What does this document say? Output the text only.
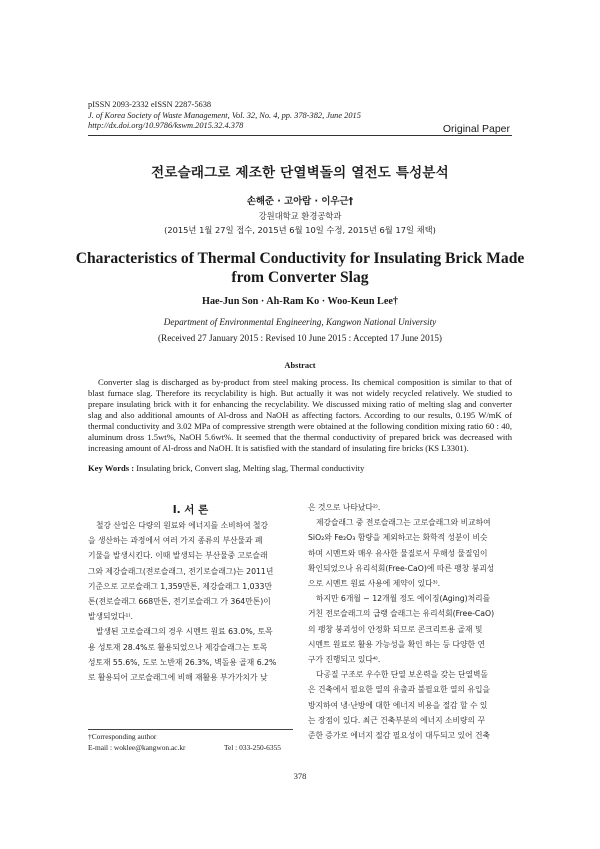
pISSN 2093-2332 eISSN 2287-5638
J. of Korea Society of Waste Management, Vol. 32, No. 4, pp. 378-382, June 2015
http://dx.doi.org/10.9786/kswm.2015.32.4.378	Original Paper
전로슬래그로 제조한 단열벽돌의 열전도 특성분석
손해준 · 고아람 · 이우근†
강원대학교 환경공학과
(2015년 1월 27일 접수, 2015년 6월 10일 수정, 2015년 6월 17일 채택)
Characteristics of Thermal Conductivity for Insulating Brick Made
from Converter Slag
Hae-Jun Son · Ah-Ram Ko · Woo-Keun Lee†
Department of Environmental Engineering, Kangwon National University
(Received 27 January 2015 : Revised 10 June 2015 : Accepted 17 June 2015)
Abstract

Converter slag is discharged as by-product from steel making process. Its chemical composition is similar to that of blast furnace slag. Therefore its recyclability is high. But actually it was not widely recycled relatively. We studied to prepare insulating brick with it for enhancing the recyclability. We discussed mixing ratio of melting slag and converter slag and also additional amounts of Al-dross and NaOH as affecting factors. According to our results, 0.195 W/mK of thermal conductivity and 3.02 MPa of compressive strength were obtained at the following condition mixing ratio 60 : 40, aluminum dross 1.5wt%, NaOH 5.6wt%. It seemed that the thermal conductivity of prepared brick was decreased with increasing amount of Al-dross and NaOH. It is satisfied with the standard of insulating fire bricks (KS L3301).

Key Words : Insulating brick, Convert slag, Melting slag, Thermal conductivity
I. 서 론
철강 산업은 다량의 원료와 에너지를 소비하여 철강
을 생산하는 과정에서 여러 가지 종류의 부산물과 폐
기물을 발생시킨다. 이때 발생되는 부산물중 고로슬래
그와 제강슬래그(전로슬래그, 전기로슬래그)는 2011년
기준으로 고로슬래그 1,359만톤, 제강슬래그 1,033만
톤(전로슬래그 668만톤, 전기로슬래그 가 364만톤)이
발생되었다¹⁾.
발생된 고로슬래그의 경우 시멘트 원료 63.0%, 토목
용 성토재 28.4%로 활용되었으나 제강슬래그는 토목
성토재 55.6%, 도로 노반재 26.3%, 벽돌용 골재 6.2%
로 활용되어 고로슬래그에 비해 재활용 부가가치가 낮
은 것으로 나타났다²⁾.
제강슬래그 중 전로슬래그는 고로슬래그와 비교하여
SiO₂와 Fe₂O₃ 함량을 제외하고는 화학적 성분이 비슷
하며 시멘트와 매우 유사한 물질로서 무해성 물질임이
확인되었으나 유리석회(Free-CaO)에 따른 팽창 붕괴성
으로 시멘트 원료 사용에 제약이 있다³⁾.
하지만 6개월 ~ 12개월 정도 에이징(Aging)처리를
거친 전로슬래그의 급랭 슬래그는 유리석회(Free-CaO)
의 팽창 붕괴성이 안정화 되므로 콘크리트용 골재 및
시멘트 원료로 활용 가능성을 확인 하는 등 다양한 연
구가 진행되고 있다⁴⁾.
다공질 구조로 우수한 단열 보온력을 갖는 단열벽돌
은 건축에서 필요한 열의 유출과 불필요한 열의 유입을
방지하여 냉·난방에 대한 에너지 비용을 절감 할 수 있
는 장점이 있다. 최근 건축부분의 에너지 소비량의 꾸
준한 증가로 에너지 절감 필요성이 대두되고 있어 건축
†Corresponding author
E-mail : woklee@kangwon.ac.kr	Tel : 033-250-6355
378
